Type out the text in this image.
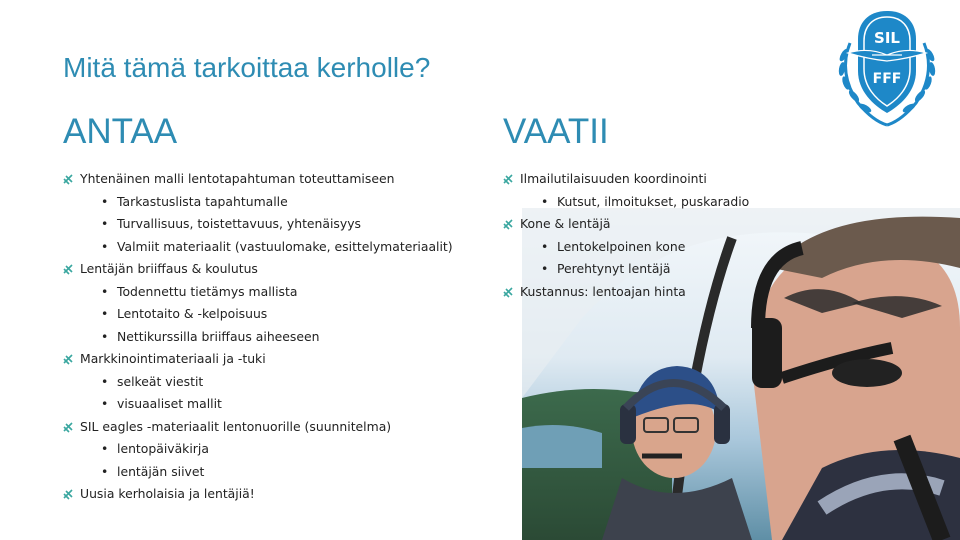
Mitä tämä tarkoittaa kerholle?
SIL
FFF
ANTAA	VAATII
Yhtenäinen malli lentotapahtuman toteuttamiseen
• Tarkastuslista tapahtumalle
• Turvallisuus, toistettavuus, yhtenäisyys
• Valmiit materiaalit (vastuulomake, esittelymateriaalit)
Lentäjän briiffaus & koulutus
• Todennettu tietämys mallista
• Lentotaito & -kelpoisuus
• Nettikurssilla briiffaus aiheeseen
Markkinointimateriaali ja -tuki
• selkeät viestit
• visuaaliset mallit
SIL eagles -materiaalit lentonuorille (suunnitelma)
• lentopäiväkirja
• lentäjän siivet
Uusia kerholaisia ja lentäjiä!
Ilmailutilaisuuden koordinointi
• Kutsut, ilmoitukset, puskaradio
Kone & lentäjä
• Lentokelpoinen kone
• Perehtynyt lentäjä
Kustannus: lentoajan hinta
